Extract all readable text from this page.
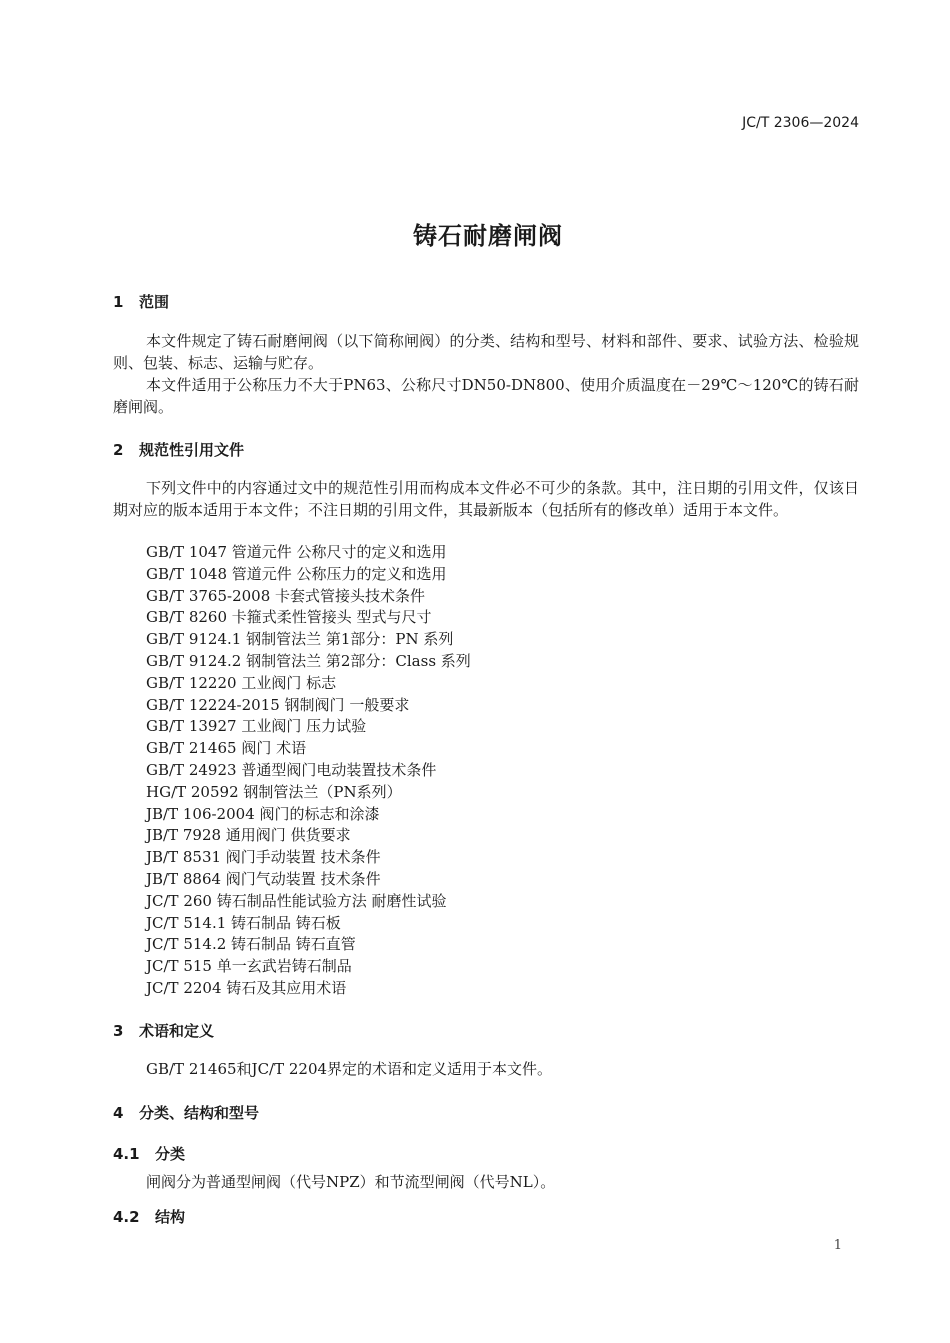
JC/T 2306—2024
铸石耐磨闸阀
1 范围

本文件规定了铸石耐磨闸阀（以下简称闸阀）的分类、结构和型号、材料和部件、要求、试验方法、检验规则、包装、标志、运输与贮存。

本文件适用于公称压力不大于PN63、公称尺寸DN50-DN800、使用介质温度在－29℃～120℃的铸石耐磨闸阀。

2 规范性引用文件

下列文件中的内容通过文中的规范性引用而构成本文件必不可少的条款。其中，注日期的引用文件，仅该日期对应的版本适用于本文件；不注日期的引用文件，其最新版本（包括所有的修改单）适用于本文件。

GB/T 1047 管道元件 公称尺寸的定义和选用
GB/T 1048 管道元件 公称压力的定义和选用
GB/T 3765-2008 卡套式管接头技术条件
GB/T 8260 卡箍式柔性管接头 型式与尺寸
GB/T 9124.1 钢制管法兰 第1部分：PN 系列
GB/T 9124.2 钢制管法兰 第2部分：Class 系列
GB/T 12220 工业阀门 标志
GB/T 12224-2015 钢制阀门 一般要求
GB/T 13927 工业阀门 压力试验
GB/T 21465 阀门 术语
GB/T 24923 普通型阀门电动装置技术条件
HG/T 20592 钢制管法兰（PN系列）
JB/T 106-2004 阀门的标志和涂漆
JB/T 7928 通用阀门 供货要求
JB/T 8531 阀门手动装置 技术条件
JB/T 8864 阀门气动装置 技术条件
JC/T 260 铸石制品性能试验方法 耐磨性试验
JC/T 514.1 铸石制品 铸石板
JC/T 514.2 铸石制品 铸石直管
JC/T 515 单一玄武岩铸石制品
JC/T 2204 铸石及其应用术语
3 术语和定义
GB/T 21465和JC/T 2204界定的术语和定义适用于本文件。
4 分类、结构和型号
4.1 分类
闸阀分为普通型闸阀（代号NPZ）和节流型闸阀（代号NL）。
4.2 结构
1
